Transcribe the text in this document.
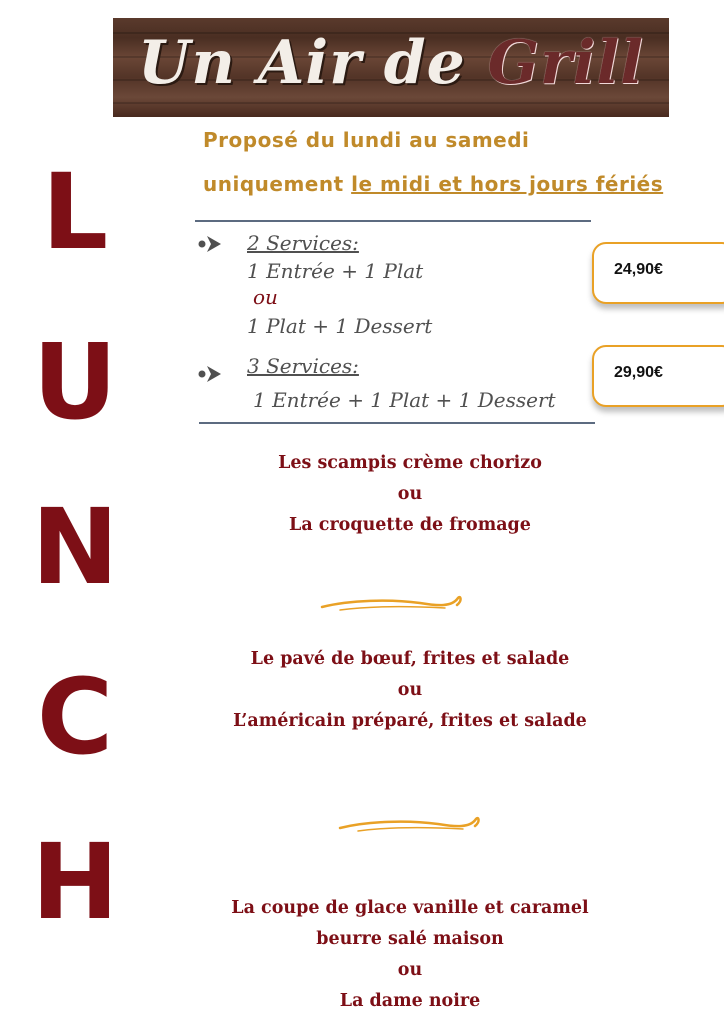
Un Air de Grill
L
U
N
C
H
Proposé du lundi au samedi
uniquement le midi et hors jours fériés
2 Services:
1 Entrée + 1 Plat
ou
1 Plat + 1 Dessert
24,90€
3 Services:
1 Entrée + 1 Plat + 1 Dessert
29,90€
Les scampis crème chorizo
ou
La croquette de fromage
Le pavé de bœuf, frites et salade
ou
L’américain préparé, frites et salade
La coupe de glace vanille et caramel
beurre salé maison
ou
La dame noire
